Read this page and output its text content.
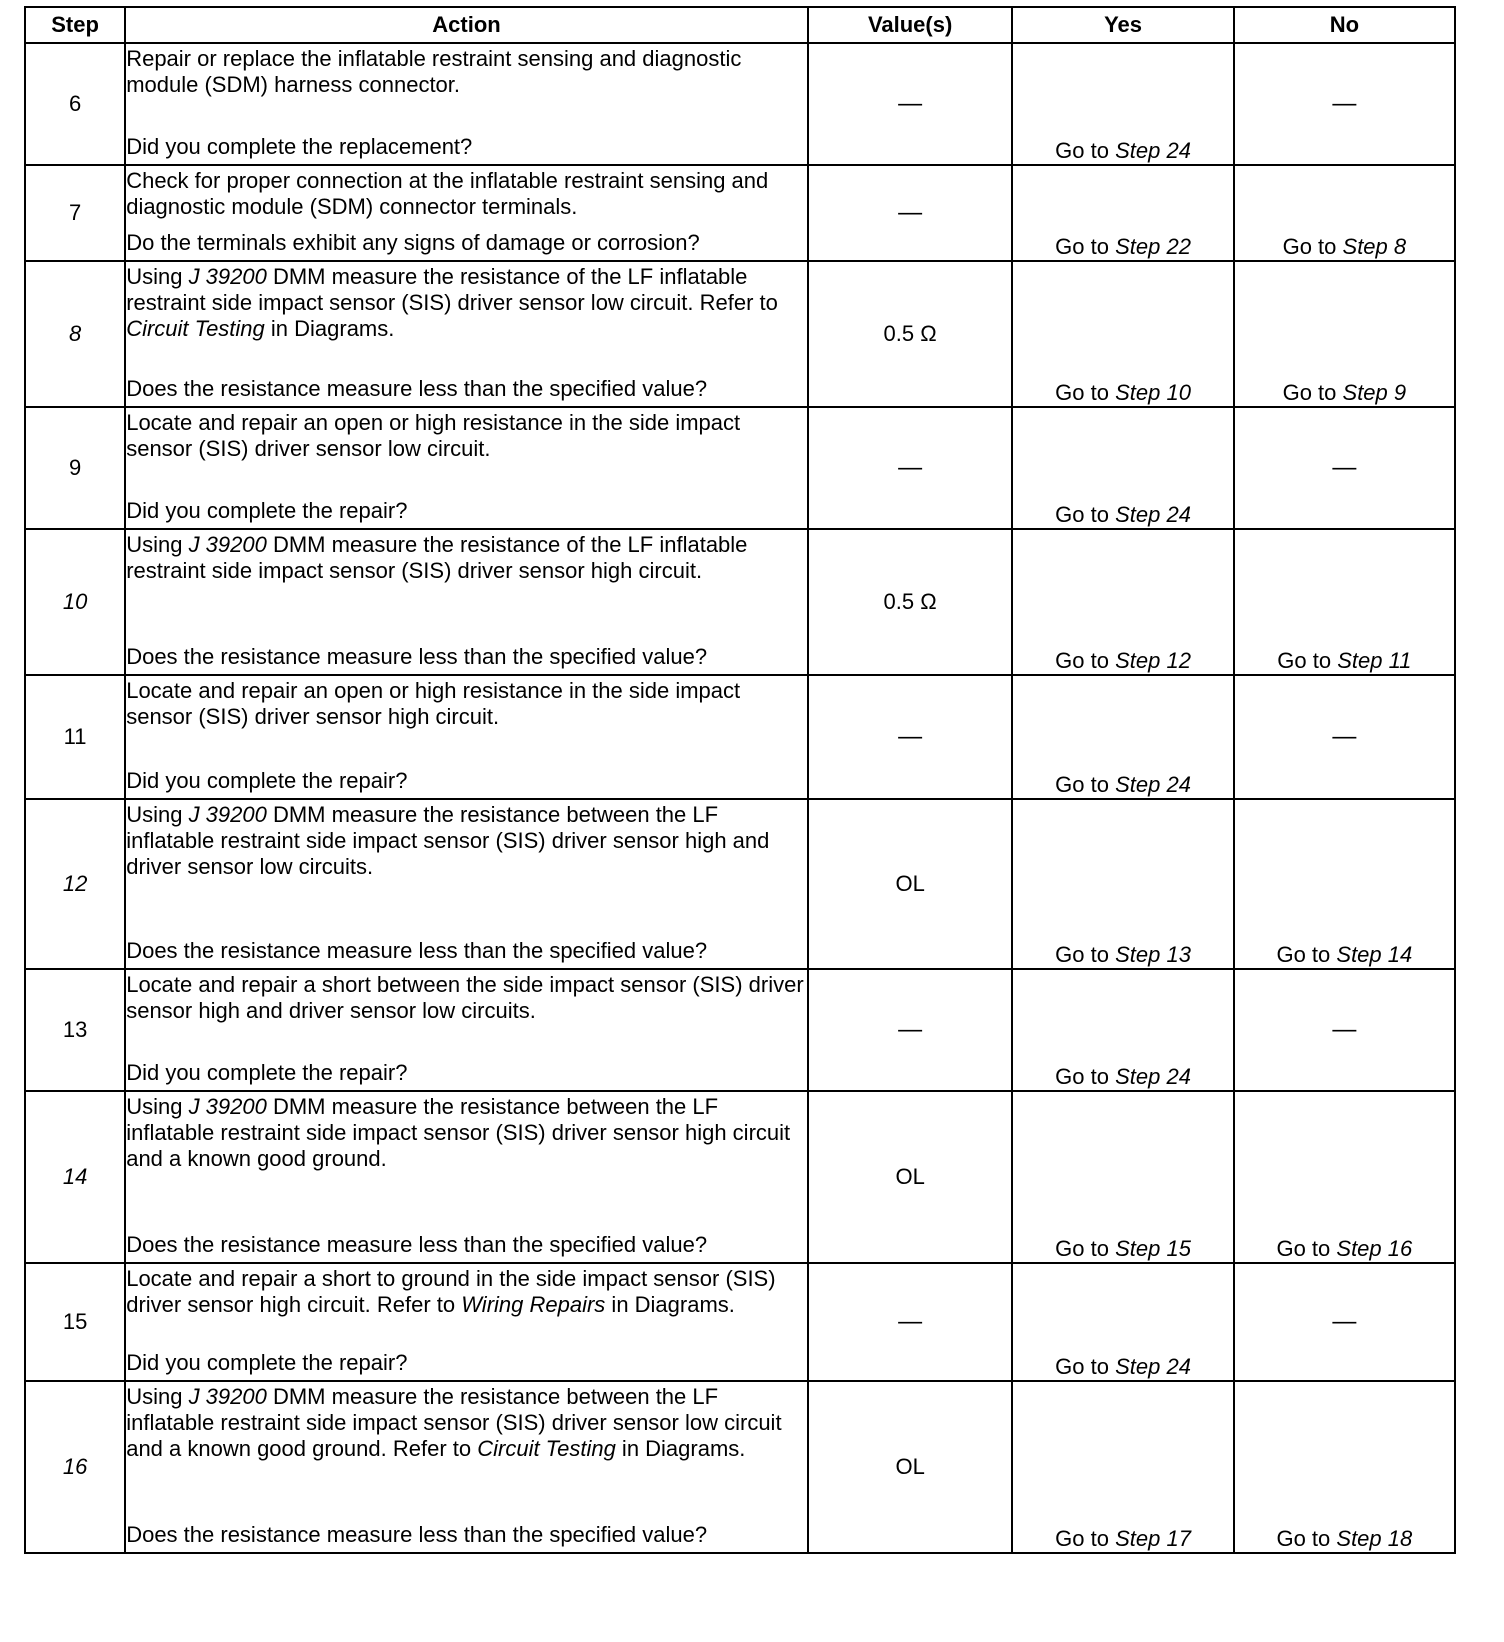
Step	Action	Value(s)	Yes	No
6	Repair or replace the inflatable restraint sensing and diagnostic module (SDM) harness connector.
Did you complete the replacement?	—	Go to Step 24	—
7	Check for proper connection at the inflatable restraint sensing and diagnostic module (SDM) connector terminals.
Do the terminals exhibit any signs of damage or corrosion?	—	Go to Step 22	Go to Step 8
8	Using J 39200 DMM measure the resistance of the LF inflatable restraint side impact sensor (SIS) driver sensor low circuit. Refer to Circuit Testing in Diagrams.
Does the resistance measure less than the specified value?	0.5 Ω	Go to Step 10	Go to Step 9
9	Locate and repair an open or high resistance in the side impact sensor (SIS) driver sensor low circuit.
Did you complete the repair?	—	Go to Step 24	—
10	Using J 39200 DMM measure the resistance of the LF inflatable restraint side impact sensor (SIS) driver sensor high circuit.
Does the resistance measure less than the specified value?	0.5 Ω	Go to Step 12	Go to Step 11
11	Locate and repair an open or high resistance in the side impact sensor (SIS) driver sensor high circuit.
Did you complete the repair?	—	Go to Step 24	—
12	Using J 39200 DMM measure the resistance between the LF inflatable restraint side impact sensor (SIS) driver sensor high and driver sensor low circuits.
Does the resistance measure less than the specified value?	OL	Go to Step 13	Go to Step 14
13	Locate and repair a short between the side impact sensor (SIS) driver sensor high and driver sensor low circuits.
Did you complete the repair?	—	Go to Step 24	—
14	Using J 39200 DMM measure the resistance between the LF inflatable restraint side impact sensor (SIS) driver sensor high circuit and a known good ground.
Does the resistance measure less than the specified value?	OL	Go to Step 15	Go to Step 16
15	Locate and repair a short to ground in the side impact sensor (SIS) driver sensor high circuit. Refer to Wiring Repairs in Diagrams.
Did you complete the repair?	—	Go to Step 24	—
16	Using J 39200 DMM measure the resistance between the LF inflatable restraint side impact sensor (SIS) driver sensor low circuit and a known good ground. Refer to Circuit Testing in Diagrams.
Does the resistance measure less than the specified value?	OL	Go to Step 17	Go to Step 18
